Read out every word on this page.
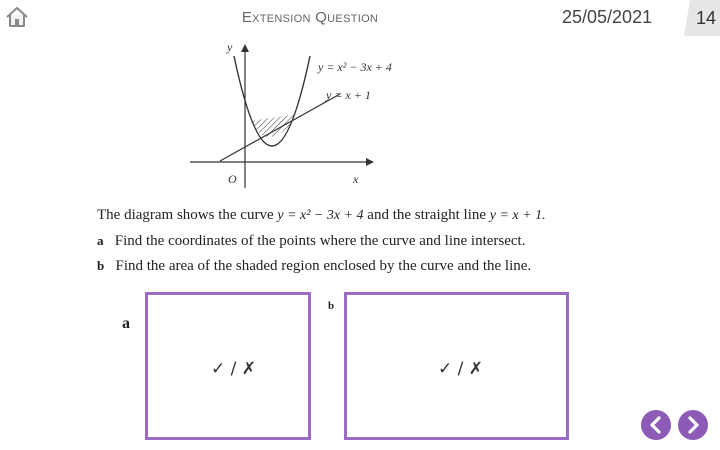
Extension Question	25/05/2021 14
y
x
O
y = x² − 3x + 4
y = x + 1
The diagram shows the curve y = x² − 3x + 4 and the straight line y = x + 1.
a Find the coordinates of the points where the curve and line intersect.
b Find the area of the shaded region enclosed by the curve and the line.
a
✓ / ✗
b
✓ / ✗
